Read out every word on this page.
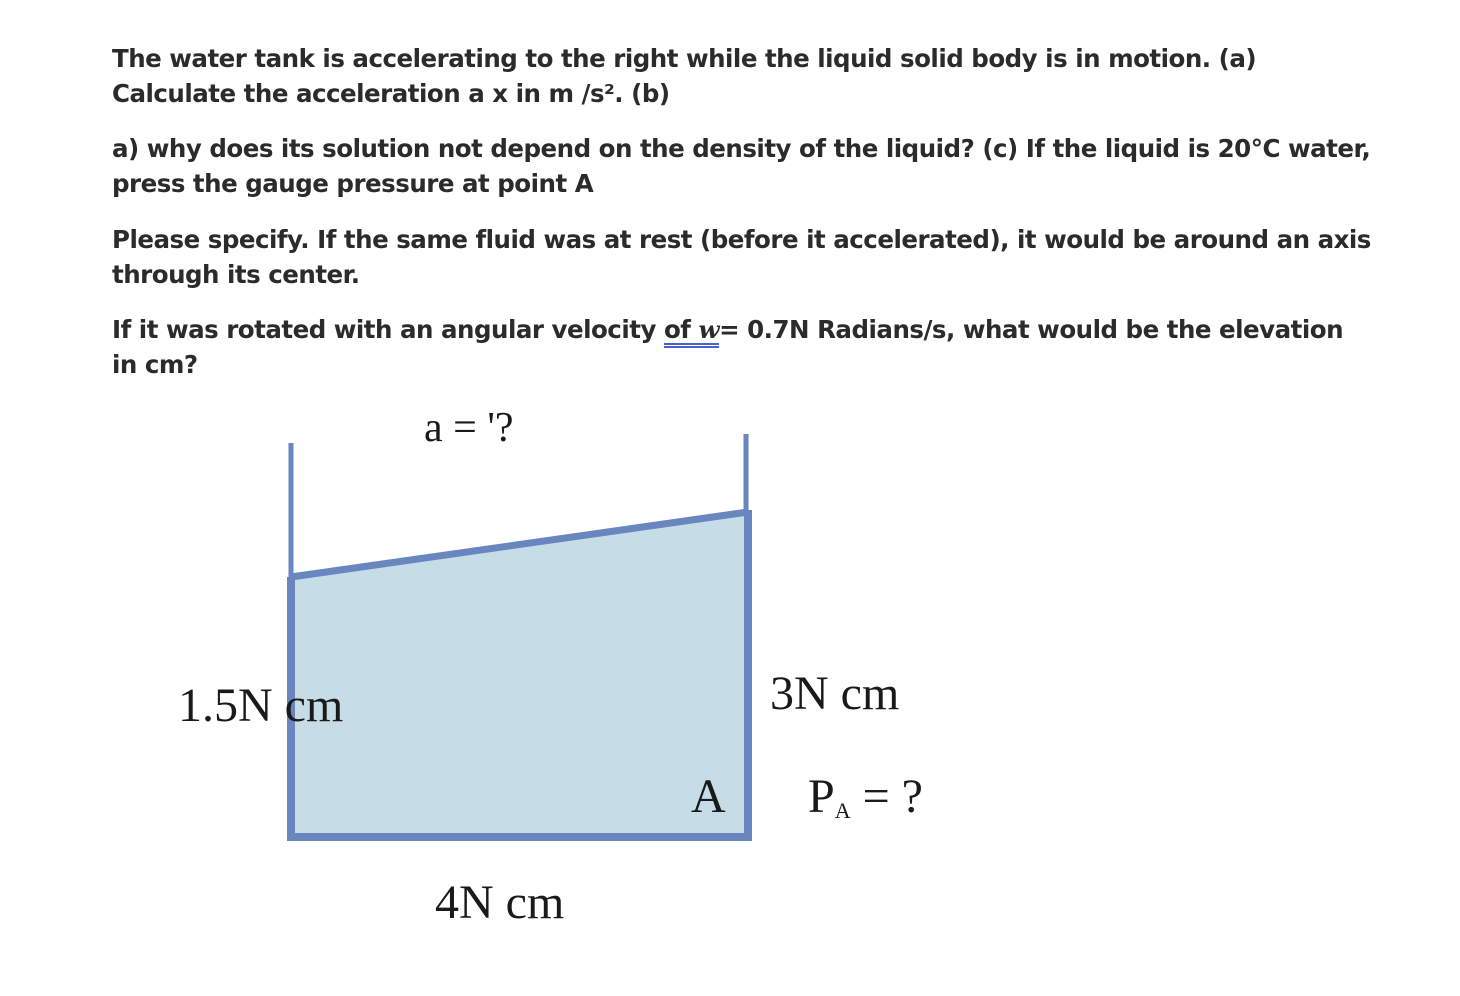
The water tank is accelerating to the right while the liquid solid body is in motion. (a) Calculate the acceleration a x in m /s². (b)

a) why does its solution not depend on the density of the liquid? (c) If the liquid is 20°C water, press the gauge pressure at point A

Please specify. If the same fluid was at rest (before it accelerated), it would be around an axis through its center.

If it was rotated with an angular velocity of w= 0.7N Radians/s, what would be the elevation in cm?

a = '?
1.5N cm	3N cm
A PA = ?
4N cm
